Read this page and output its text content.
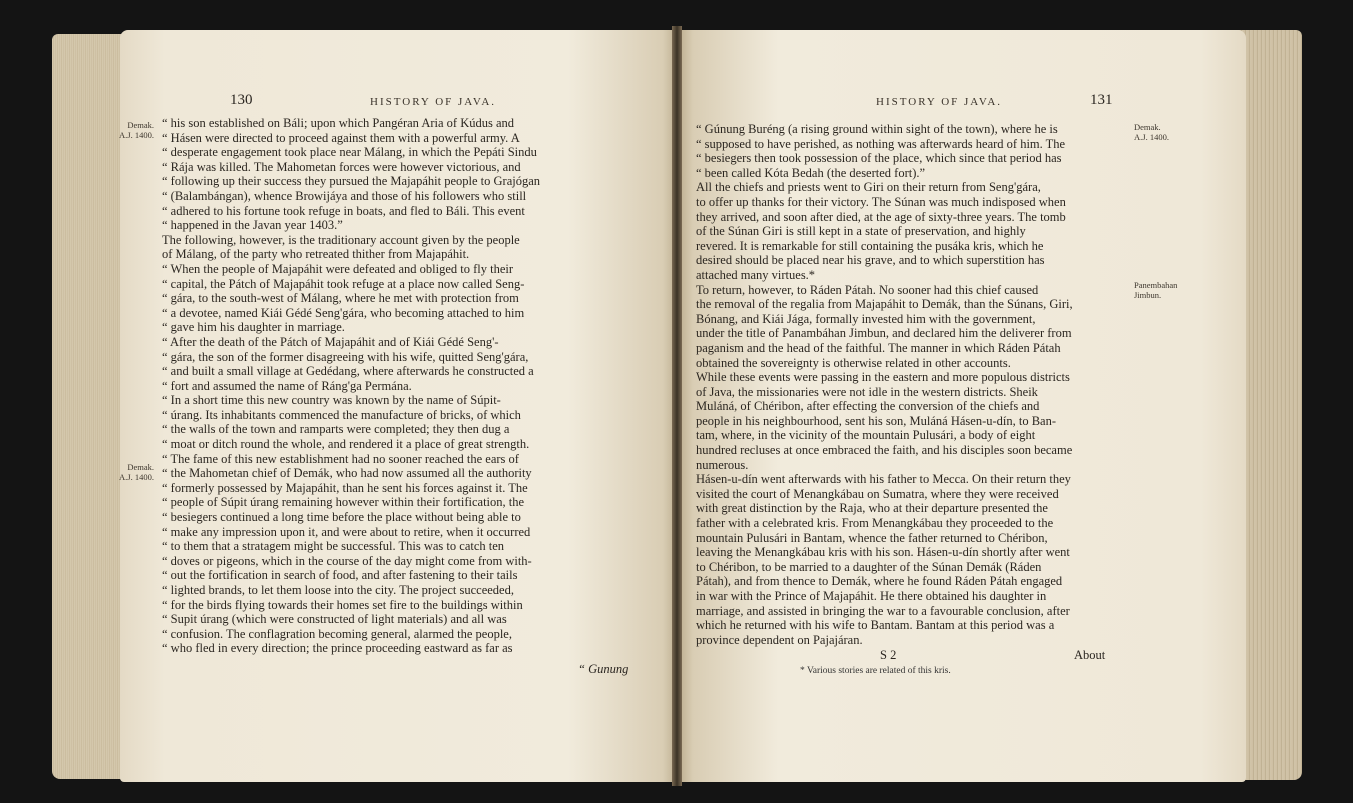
130	HISTORY OF JAVA.
Demak.
A.J. 1400.
Demak.
A.J. 1400.
“ his son established on Báli; upon which Pangéran Aria of Kúdus and
“ Hásen were directed to proceed against them with a powerful army. A
“ desperate engagement took place near Málang, in which the Pepáti Sindu
“ Rája was killed. The Mahometan forces were however victorious, and
“ following up their success they pursued the Majapáhit people to Grajógan
“ (Balambángan), whence Browijáya and those of his followers who still
“ adhered to his fortune took refuge in boats, and fled to Báli. This event
“ happened in the Javan year 1403.”
The following, however, is the traditionary account given by the people
of Málang, of the party who retreated thither from Majapáhit.
“ When the people of Majapáhit were defeated and obliged to fly their
“ capital, the Pátch of Majapáhit took refuge at a place now called Seng-
“ gára, to the south-west of Málang, where he met with protection from
“ a devotee, named Kiái Gédé Seng'gára, who becoming attached to him
“ gave him his daughter in marriage.
“ After the death of the Pátch of Majapáhit and of Kiái Gédé Seng'-
“ gára, the son of the former disagreeing with his wife, quitted Seng'gára,
“ and built a small village at Gedédang, where afterwards he constructed a
“ fort and assumed the name of Ráng'ga Permána.
“ In a short time this new country was known by the name of Súpit-
“ úrang. Its inhabitants commenced the manufacture of bricks, of which
“ the walls of the town and ramparts were completed; they then dug a
“ moat or ditch round the whole, and rendered it a place of great strength.
“ The fame of this new establishment had no sooner reached the ears of
“ the Mahometan chief of Demák, who had now assumed all the authority
“ formerly possessed by Majapáhit, than he sent his forces against it. The
“ people of Súpit úrang remaining however within their fortification, the
“ besiegers continued a long time before the place without being able to
“ make any impression upon it, and were about to retire, when it occurred
“ to them that a stratagem might be successful. This was to catch ten
“ doves or pigeons, which in the course of the day might come from with-
“ out the fortification in search of food, and after fastening to their tails
“ lighted brands, to let them loose into the city. The project succeeded,
“ for the birds flying towards their homes set fire to the buildings within
“ Supit úrang (which were constructed of light materials) and all was
“ confusion. The conflagration becoming general, alarmed the people,
“ who fled in every direction; the prince proceeding eastward as far as
“ Gunung
HISTORY OF JAVA.	131
Demak.
A.J. 1400.
Panembahan
Jimbun.
“ Gúnung Buréng (a rising ground within sight of the town), where he is
“ supposed to have perished, as nothing was afterwards heard of him. The
“ besiegers then took possession of the place, which since that period has
“ been called Kóta Bedah (the deserted fort).”
All the chiefs and priests went to Giri on their return from Seng'gára,
to offer up thanks for their victory. The Súnan was much indisposed when
they arrived, and soon after died, at the age of sixty-three years. The tomb
of the Súnan Giri is still kept in a state of preservation, and highly
revered. It is remarkable for still containing the pusáka kris, which he
desired should be placed near his grave, and to which superstition has
attached many virtues.*
To return, however, to Ráden Pátah. No sooner had this chief caused
the removal of the regalia from Majapáhit to Demák, than the Súnans, Giri,
Bónang, and Kiái Jága, formally invested him with the government,
under the title of Panambáhan Jimbun, and declared him the deliverer from
paganism and the head of the faithful. The manner in which Ráden Pátah
obtained the sovereignty is otherwise related in other accounts.
While these events were passing in the eastern and more populous districts
of Java, the missionaries were not idle in the western districts. Sheik
Muláná, of Chéribon, after effecting the conversion of the chiefs and
people in his neighbourhood, sent his son, Muláná Hásen-u-dín, to Ban-
tam, where, in the vicinity of the mountain Pulusári, a body of eight
hundred recluses at once embraced the faith, and his disciples soon became
numerous.
Hásen-u-dín went afterwards with his father to Mecca. On their return they
visited the court of Menangkábau on Sumatra, where they were received
with great distinction by the Raja, who at their departure presented the
father with a celebrated kris. From Menangkábau they proceeded to the
mountain Pulusári in Bantam, whence the father returned to Chéribon,
leaving the Menangkábau kris with his son. Hásen-u-dín shortly after went
to Chéribon, to be married to a daughter of the Súnan Demák (Ráden
Pátah), and from thence to Demák, where he found Ráden Pátah engaged
in war with the Prince of Majapáhit. He there obtained his daughter in
marriage, and assisted in bringing the war to a favourable conclusion, after
which he returned with his wife to Bantam. Bantam at this period was a
province dependent on Pajajáran.
S 2	About
* Various stories are related of this kris.
